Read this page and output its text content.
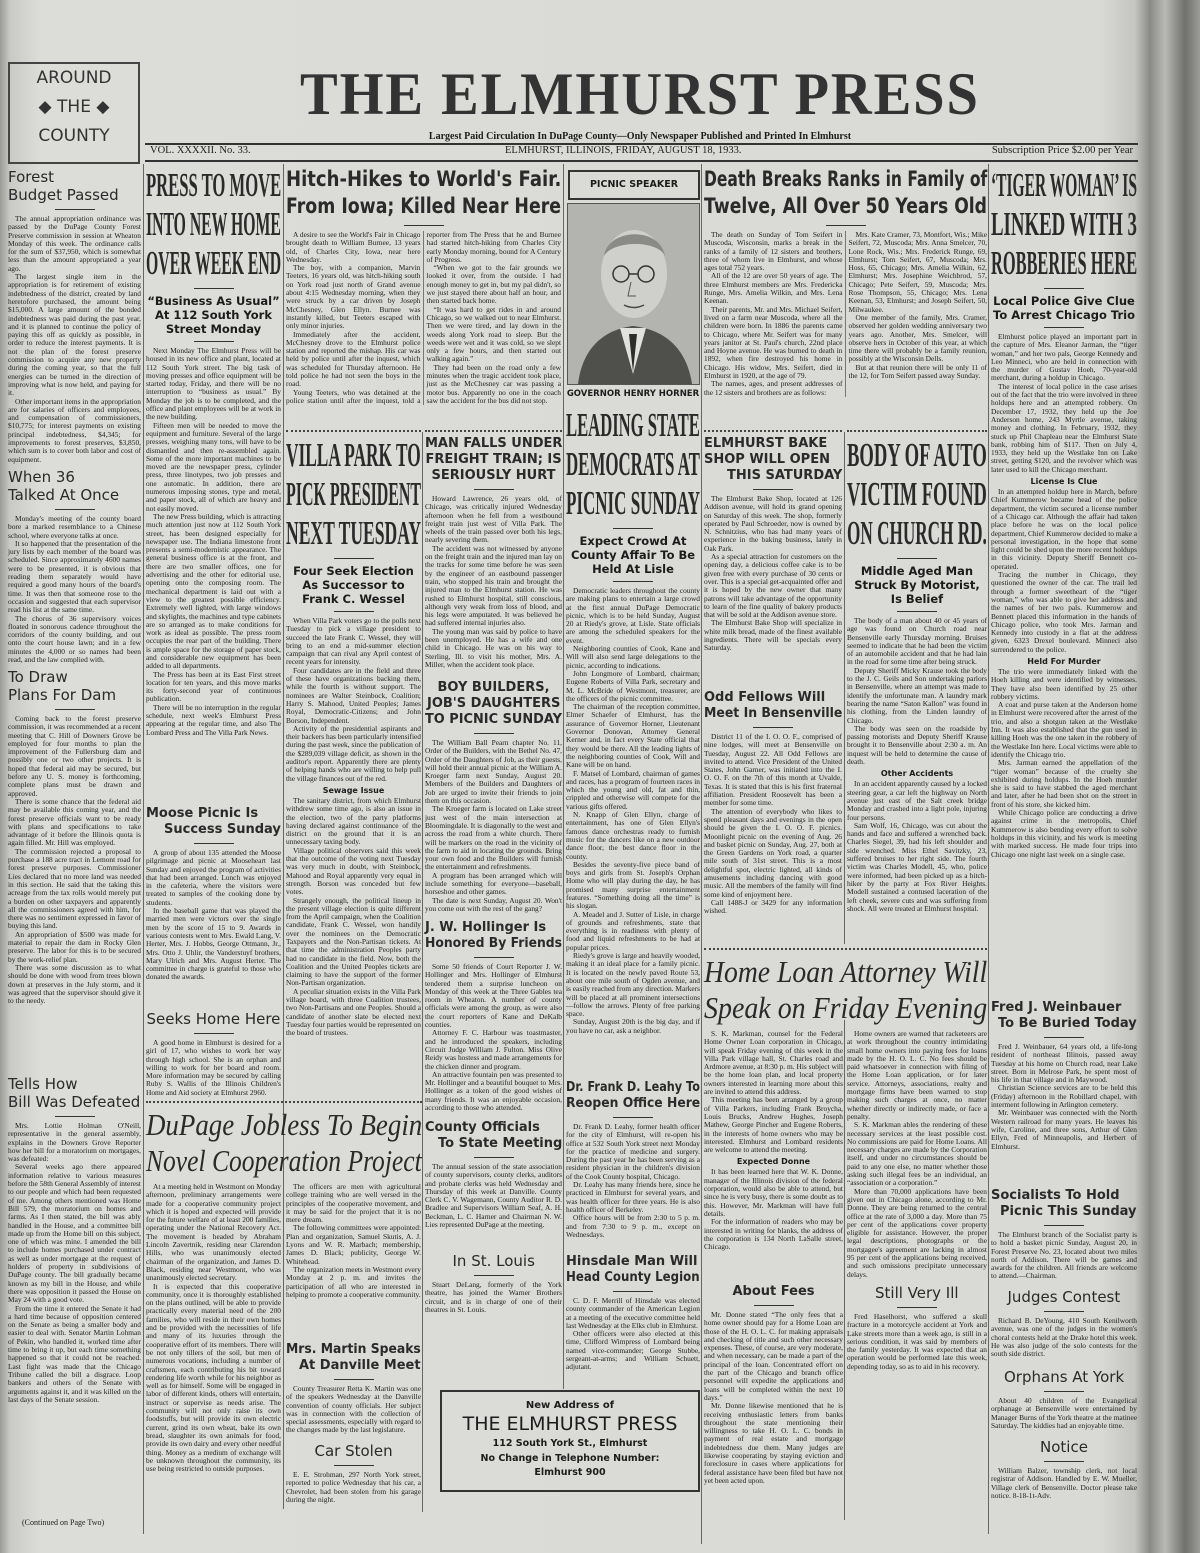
AROUND
◆ THE ◆
COUNTY
THE ELMHURST PRESS
Largest Paid Circulation In DuPage County—Only Newspaper Published and Printed In Elmhurst
VOL. XXXXII. No. 33.	ELMHURST, ILLINOIS, FRIDAY, AUGUST 18, 1933.	Subscription Price $2.00 per Year
Forest
Budget Passed

The annual appropriation ordinance was passed by the DuPage County Forest Preserve commission in session at Wheaton Monday of this week. The ordinance calls for the sum of $37,950, which is somewhat less than the amount appropriated a year ago.

The largest single item in the appropriation is for retirement of existing indebtedness of the district, created by land heretofore purchased, the amount being $15,000. A large amount of the bonded indebtedness was paid during the past year, and it is planned to continue the policy of paying this off as quickly as possible, in order to reduce the interest payments. It is not the plan of the forest preserve commission to acquire any new property during the coming year, so that the full energies can be turned in the direction of improving what is now held, and paying for it.

Other important items in the appropriation are for salaries of officers and employees, and compensation of commissioners, $10,775; for interest payments on existing principal indebtedness, $4,345; for improvements to forest preserves, $3,850, which sum is to cover both labor and cost of equipment.

When 36
Talked At Once

Monday's meeting of the county board bore a marked resemblance to a Chinese school, where everyone talks at once.

It so happened that the presentation of the jury lists by each member of the board was scheduled. Since approximately 4600 names were to be presented, it is obvious that reading them separately would have required a good many hours of the board's time. It was then that someone rose to the occasion and suggested that each supervisor read his list at the same time.

The chorus of 36 supervisory voices floated in sonorous cadence throughout the corridors of the county building, and out onto the court house lawn; and in a few minutes the 4,000 or so names had been read, and the law complied with.

To Draw
Plans For Dam

Coming back to the forest preserve commission, it was recommended at a recent meeting that C. Hill of Downers Grove be employed for four months to plan the improvement of the Fullersburg dam and possibly one or two other projects. It is hoped that federal aid may be secured, but before any U. S. money is forthcoming, complete plans must be drawn and approved.

There is some chance that the federal aid may be available this coming year, and the forest preserve officials want to be ready with plans and specifications to take advantage of it before the Illinois quota is again filled. Mr. Hill was employed.

The commission rejected a proposal to purchase a 188 acre tract in Lemont road for forest preserve purposes. Commissioner Lies declared that no more land was needed in this section. He said that the taking this acreage from the tax rolls would merely put a burden on other taxpayers and apparently all the commissioners agreed with him, for there was no sentiment expressed in favor of buying this land.

An appropriation of $500 was made for material to repair the dam in Rocky Glen preserve. The labor for this is to be secured by the work-relief plan.

There was some discussion as to what should be done with wood from trees blown down at preserves in the July storm, and it was agreed that the supervisor should give it to the needy.

Tells How
Bill Was Defeated

Mrs. Lottie Holman O'Neill, representative in the general assembly, explains in the Downers Grove Reporter how her bill for a moratorium on mortgages, was defeated:

Several weeks ago there appeared information relative to various measures before the 58th General Assembly of interest to our people and which had been requested of me. Among others mentioned was Home Bill 579, the moratorium on homes and farms. As I then stated, the bill was ably handled in the House, and a committee bill made up from the Home bill on this subject, one of which was mine. I amended the bill to include homes purchased under contract as well as under mortgage at the request of holders of property in subdivisions of DuPage county. The bill gradually became known as my bill in the House, and while there was opposition it passed the House on May 24 with a good vote.

From the time it entered the Senate it had a hard time because of opposition centered on the Senate as being a smaller body and easier to deal with. Senator Martin Lohman of Pekin, who handled it, worked time after time to bring it up, but each time something happened so that it could not be reached. Last fight was made that the Chicago Tribune called the bill a disgrace. Loop bankers and others of the Senate with arguments against it, and it was killed on the last days of the Senate session.

(Continued on Page Two)
PRESS TO MOVE
INTO NEW HOME
OVER WEEK END
“Business As Usual” At 112 South York Street Monday

Next Monday The Elmhurst Press will be housed in its new office and plant, located at 112 South York street. The big task of moving presses and office equipment will be started today, Friday, and there will be no interruption to “business as usual.” By Monday the job is to be completed, and the office and plant employees will be at work in the new building.

Fifteen men will be needed to move the equipment and furniture. Several of the large presses, weighing many tons, will have to be dismantled and then re-assembled again. Some of the more important machines to be moved are the newspaper press, cylinder press, three linotypes, two job presses and one automatic. In addition, there are numerous imposing stones, type and metal, and paper stock, all of which are heavy and not easily moved.

The new Press building, which is attracting much attention just now at 112 South York street, has been designed especially for newspaper use. The Indiana limestone front presents a semi-modernistic appearance. The general business office is at the front, and there are two smaller offices, one for advertising and the other for editorial use, opening onto the composing room. The mechanical department is laid out with a view to the greatest possible efficiency. Extremely well lighted, with large windows and skylights, the machines and type cabinets are so arranged as to make conditions for work as ideal as possible. The press room occupies the rear part of the building. There is ample space for the storage of paper stock, and considerable new equipment has been added to all departments.

The Press has been at its East First street location for ten years, and this move marks its forty-second year of continuous publication.

There will be no interruption in the regular schedule, next week's Elmhurst Press appearing at the regular time, and also The Lombard Press and The Villa Park News.

Moose Picnic Is
Success Sunday

A group of about 135 attended the Moose pilgrimage and picnic at Mooseheart last Sunday and enjoyed the program of activities that had been arranged. Lunch was enjoyed in the cafeteria, where the visitors were treated to samples of the cooking done by students.

In the baseball game that was played the married men were victors over the single men by the score of 15 to 9. Awards in various contests went to Mrs. Ewald Lang, V. Herter, Mrs. J. Hobbs, George Ottmann, Jr., Mrs. Otto J. Uhlir, the Vanderstuyf brothers, Mary Ulrich and Mrs. August Herter. The committee in charge is grateful to those who donated the awards.

Seeks Home Here

A good home in Elmhurst is desired for a girl of 17, who wishes to work her way through high school. She is an orphan and willing to work for her board and room. More information may be secured by calling Ruby S. Wallis of the Illinois Children's Home and Aid society at Elmhurst 2960.

Hitch-Hikes to World's Fair.
From Iowa; Killed Near Here

A desire to see the World's Fair in Chicago brought death to William Burnee, 13 years old, of Charles City, Iowa, near here Wednesday.

The boy, with a companion, Marvin Teeters, 16 years old, was hitch-hiking south on York road just north of Grand avenue about 4:15 Wednesday morning, when they were struck by a car driven by Joseph McChesney, Glen Ellyn. Burnee was instantly killed, but Teeters escaped with only minor injuries.

Immediately after the accident, McChesney drove to the Elmhurst police station and reported the mishap. His car was held by police until after the inquest, which was scheduled for Thursday afternoon. He told police he had not seen the boys in the road.

Young Teeters, who was detained at the police station until after the inquest, told a reporter from The Press that he and Burnee had started hitch-hiking from Charles City early Monday morning, bound for A Century of Progress.

“When we got to the fair grounds we looked it over, from the outside. I had enough money to get in, but my pal didn't, so we just stayed there about half an hour, and then started back home.

“It was hard to get rides in and around Chicago, so we walked out to near Elmhurst. Then we were tired, and lay down in the weeds along York road to sleep. But the weeds were wet and it was cold, so we slept only a few hours, and then started out walking again.”

They had been on the road only a few minutes when the tragic accident took place, just as the McChesney car was passing a motor bus. Apparently no one in the coach saw the accident for the bus did not stop.

VILLA PARK TO
PICK PRESIDENT
NEXT TUESDAY
Four Seek Election As Successor to Frank C. Wessel

When Villa Park voters go to the polls next Tuesday to pick a village president to succeed the late Frank C. Wessel, they will bring to an end a mid-summer election campaign that can rival any April contest of recent years for intensity.

Four candidates are in the field and three of these have organizations backing them, while the fourth is without support. The nominees are Walter Steinbock, Coalition; Harry S. Mahood, United Peoples; James Royal, Democratic-Citizens; and John Borson, Independent.

Activity of the presidential aspirants and their backers has been particularly intensified during the past week, since the publication of the $289,039 village deficit, as shown in the auditor's report. Apparently there are plenty of helping hands who are willing to help pull the village finances out of the red.

Sewage Issue

The sanitary district, from which Elmhurst withdrew some time ago, is also an issue in the election, two of the party platforms having declared against continuance of the district on the ground that it is an unnecessary taxing body.

Village political observers said this week that the outcome of the voting next Tuesday was very much in doubt, with Steinbock, Mahood and Royal apparently very equal in strength. Borson was conceded but few votes.

Strangely enough, the political lineup in the present village election is quite different from the April campaign, when the Coalition candidate, Frank C. Wessel, won handily over the nominees on the Democratic Taxpayers and the Non-Partisan tickets. At that time the administration Peoples party had no candidate in the field. Now, both the Coalition and the United Peoples tickets are claiming to have the support of the former Non-Partisan organization.

A peculiar situation exists in the Villa Park village board, with three Coalition trustees, two Non-Partisans and one Peoples. Should a candidate of another slate be elected next Tuesday four parties would be represented on the board of trustees.

MAN FALLS UNDER
FREIGHT TRAIN; IS
SERIOUSLY HURT

Howard Lawrence, 26 years old, of Chicago, was critically injured Wednesday afternoon when he fell from a westbound freight train just west of Villa Park. The wheels of the train passed over both his legs, nearly severing them.

The accident was not witnessed by anyone on the freight train and the injured man lay on the tracks for some time before he was seen by the engineer of an eastbound passenger train, who stopped his train and brought the injured man to the Elmhurst station. He was rushed to Elmhurst hospital, still conscious, although very weak from loss of blood, and his legs were amputated. It was believed he had suffered internal injuries also.

The young man was said by police to have been unemployed. He has a wife and one child in Chicago. He was on his way to Sterling, Ill. to visit his mother, Mrs. A. Miller, when the accident took place.

BOY BUILDERS,
JOB'S DAUGHTERS
TO PICNIC SUNDAY

The William Ball Pearn chapter No. 11, Order of the Builders, with the Bethel No. 47, Order of the Daughters of Job, as their guests, will hold their annual picnic at the William A. Kroeger farm next Sunday, August 20. Members of the Builders and Daughters of Job are urged to invite their friends to join them on this occasion.

The Kroeger farm is located on Lake street just west of the main intersection at Bloomingdale. It is diagonally to the west and across the road from a white church. There will be markers on the road in the vicinity of the farm to aid in locating the grounds. Bring your own food and the Builders will furnish the entertainment and refreshments.

A program has been arranged which will include something for everyone—baseball, horseshoe and other games.

The date is next Sunday, August 20. Won't you come out with the rest of the gang?

J. W. Hollinger Is
Honored By Friends

Some 50 friends of Court Reporter J. W. Hollinger and Mrs. Hollinger of Elmhurst tendered them a surprise luncheon on Monday of this week at the Three Gables tea room in Wheaton. A number of county officials were among the group, as were also the court reporters of Kane and DeKalb counties.

Attorney F. C. Harbour was toastmaster, and he introduced the speakers, including Circuit Judge William J. Fulton. Miss Olive Reidy was hostess and made arrangements for the chicken dinner and program.

An attractive fountain pen was presented to Mr. Hollinger and a beautiful bouquet to Mrs. Hollinger as a token of the good wishes of many friends. It was an enjoyable occasion, according to those who attended.

County Officials
To State Meeting

The annual session of the state association of county supervisors, county clerks, auditors and probate clerks was held Wednesday and Thursday of this week at Danville. County Clerk C. V. Wagemann, County Auditor R. D. Bradlee and Supervisors William Seaf, A. H. Beckman, L. C. Harner and Chairman N. W. Lies represented DuPage at the meeting.

In St. Louis

Stuart DeLang, formerly of the York theatre, has joined the Warner Brothers circuit, and is in charge of one of their theatres in St. Louis.

DuPage Jobless To Begin
Novel Cooperation Project

At a meeting held in Westmont on Monday afternoon, preliminary arrangements were made for a cooperative community project which it is hoped and expected will provide for the future welfare of at least 200 families, operating under the National Recovery Act. The movement is headed by Abraham Lincoln Zavertnik, residing near Clarendon Hills, who was unanimously elected chairman of the organization, and James D. Black, residing near Westmont, who was unanimously elected secretary.

It is expected that this cooperative community, once it is thoroughly established on the plans outlined, will be able to provide practically every material need of the 200 families, who will reside in their own homes and be provided with the necessities of life and many of its luxuries through the cooperative effort of its members. There will be not only tillers of the soil, but men of numerous vocations, including a number of craftsmen, each contributing his bit toward rendering life worth while for his neighbor as well as for himself. Some will be engaged in labor of different kinds, others will entertain, instruct or supervise as needs arise. The community will not only raise its own foodstuffs, but will provide its own electric current, grind its own wheat, bake its own bread, slaughter its own animals for food, provide its own dairy and every other needful thing. Money as a medium of exchange will be unknown throughout the community, its use being restricted to outside purposes.

The officers are men with agricultural college training who are well versed in the principles of the cooperative movement, and it may be said for the project that it is no mere dream.

The following committees were appointed: Plan and organization, Samuel Skutis, A. J. Lyons and W. R. Marbach; membership, James D. Black; publicity, George W. Whitehead.

The organization meets in Westmont every Monday at 2 p. m. and invites the participation of all who are interested in helping to promote a cooperative community.

Mrs. Martin Speaks
At Danville Meet

County Treasurer Retta K. Martin was one of the speakers Wednesday at the Danville convention of county officials. Her subject was in connection with the collection of special assessments, especially with regard to the changes made by the last legislature.

Car Stolen

E. E. Strohman, 297 North York street, reported to police Wednesday that his car, a Chevrolet, had been stolen from his garage during the night.

PICNIC SPEAKER
GOVERNOR HENRY HORNER
LEADING STATE
DEMOCRATS AT
PICNIC SUNDAY
Expect Crowd At County Affair To Be Held At Lisle

Democratic leaders throughout the county are making plans to entertain a large crowd at the first annual DuPage Democratic picnic, which is to be held Sunday, August 20 at Riedy's grove, at Lisle. State officials are among the scheduled speakers for the event.

Neighboring counties of Cook, Kane and Will will also send large delegations to the picnic, according to indications.

John Longmore of Lombard, chairman; Eugene Roberts of Villa Park, secretary and M. L. McBride of Westmont, treasurer, are the officers of the picnic committee.

The chairman of the reception committee, Elmer Schaefer of Elmhurst, has the assurance of Governor Horner, Lieutenant Governor Donovan, Attorney General Kerner and, in fact every State official that they would be there. All the leading lights of the neighboring counties of Cook, Will and Kane will be on hand.

F. Matsel of Lombard, chairman of games and races, has a program of fourteen races in which the young and old, fat and thin, crippled and otherwise will compete for the various gifts offered.

N. Knapp of Glen Ellyn, charge of entertainment, has one of Glen Ellyn's famous dance orchestras ready to furnish music for the dancers like on a new outdoor dance floor, the best dance floor in the county.

Besides the seventy-five piece band of boys and girls from St. Joseph's Orphan Home who will play during the day, he has promised many surprise entertainment features. “Something doing all the time” is his slogan.

A. Meadel and J. Sutter of Lisle, in charge of grounds and refreshments, state that everything is in readiness with plenty of food and liquid refreshments to be had at popular prices.

Riedy's grove is large and heavily wooded, making it an ideal place for a family picnic. It is located on the newly paved Route 53, about one mile south of Ogden avenue, and is easily reached from any direction. Markers will be placed at all prominent intersections—follow the arrows. Plenty of free parking space.

Sunday, August 20th is the big day, and if you have no car, ask a neighbor.

Dr. Frank D. Leahy To
Reopen Office Here

Dr. Frank D. Leahy, former health officer for the city of Elmhurst, will re-open his office at 532 South York street next Monday for the practice of medicine and surgery. During the past year he has been serving as a resident physician in the children's division of the Cook County hospital, Chicago.

Dr. Leahy has many friends here, since he practiced in Elmhurst for several years, and was health officer for three years. He is also health officer of Berkeley.

Office hours will be from 2:30 to 5 p. m. and from 7:30 to 9 p. m., except on Wednesdays.

Hinsdale Man Will
Head County Legion

C. D. F. Merrill of Hinsdale was elected county commander of the American Legion at a meeting of the executive committee held last Wednesday at the Elks club in Elmhurst.

Other officers were also elected at this time, Clifford Wimpress of Lombard being named vice-commander; George Stubbe, sergeant-at-arms; and William Schuett, adjutant.

New Address of
THE ELMHURST PRESS
112 South York St., Elmhurst
No Change in Telephone Number:
Elmhurst 900
Death Breaks Ranks in Family of
Twelve, All Over 50 Years Old

The death on Sunday of Tom Seifert in Muscoda, Wisconsin, marks a break in the ranks of a family of 12 sisters and brothers, three of whom live in Elmhurst, and whose ages total 752 years.

All of the 12 are over 50 years of age. The three Elmhurst members are Mrs. Fredericka Runge, Mrs. Amelia Wilkin, and Mrs. Lena Keenan.

Their parents, Mr. and Mrs. Michael Seifert, lived on a farm near Muscoda, where all the children were born. In 1886 the parents came to Chicago, where Mr. Seifert was for many years janitor at St. Paul's church, 22nd place and Hoyne avenue. He was burned to death in 1892, when fire destroyed his home in Chicago. His widow, Mrs. Seifert, died in Elmhurst in 1920, at the age of 79.

The names, ages, and present addresses of the 12 sisters and brothers are as follows:

Mrs. Kate Cramer, 73, Montfort, Wis.; Mike Seifert, 72, Muscoda; Mrs. Anna Smelcer, 70, Lone Rock, Wis.; Mrs. Frederick Runge, 69, Elmhurst; Tom Seifert, 67, Muscoda; Mrs. Hoss, 65, Chicago; Mrs. Amelia Wilkin, 62, Elmhurst; Mrs. Josephine Weichbrod, 57, Chicago; Pete Seifert, 59, Muscoda; Mrs. Rose Thompson, 55, Chicago; Mrs. Lena Keenan, 53, Elmhurst; and Joseph Seifert, 50, Milwaukee.

One member of the family, Mrs. Cramer, observed her golden wedding anniversary two years ago. Another, Mrs. Smelcer, will observe hers in October of this year, at which time there will probably be a family reunion, possibly at the Wisconsin Dells.

But at that reunion there will be only 11 of the 12, for Tom Seifert passed away Sunday.

ELMHURST BAKE
SHOP WILL OPEN
THIS SATURDAY

The Elmhurst Bake Shop, located at 126 Addison avenue, will hold its grand opening on Saturday of this week. The shop, formerly operated by Paul Schroeder, now is owned by N. Schnitzius, who has had many years of experience in the baking business, lately in Oak Park.

As a special attraction for customers on the opening day, a delicious coffee cake is to be given free with every purchase of 30 cents or over. This is a special get-acquainted offer and it is hoped by the new owner that many patrons will take advantage of the opportunity to learn of the fine quality of bakery products that will be sold at the Addison avenue store.

The Elmhurst Bake Shop will specialize in white milk bread, made of the finest available ingredients. There will be specials every Saturday.

Odd Fellows Will
Meet In Bensenville

District 11 of the I. O. O. F., comprised of nine lodges, will meet at Bensenville on Tuesday, August 22. All Odd Fellows are invited to attend. Vice President of the United States, John Garner, was initiated into the I. O. O. F. on the 7th of this month at Uvalde, Texas. It is stated that this is his first fraternal affiliation. President Roosevelt has been a member for some time.

The attention of everybody who likes to spend pleasant days and evenings in the open should be given the I. O. O. F. picnics. Moonlight picnic on the evening of Aug. 26 and basket picnic on Sunday, Aug. 27, both at the Green Gardens on York road, a quarter mile south of 31st street. This is a most delightful spot, electric lighted, all kinds of amusements including dancing with good music. All the members of the family will find some kind of enjoyment here.

Call 1488-J or 3429 for any information wished.

BODY OF AUTO
VICTIM FOUND
ON CHURCH RD.
Middle Aged Man Struck By Motorist, Is Belief

The body of a man about 40 or 45 years of age was found on Church road near Bensenville early Thursday morning. Bruises seemed to indicate that he had been the victim of an automobile accident and that he had lain in the road for some time after being struck.

Deputy Sheriff Micky Krause took the body to the J. C. Geils and Son undertaking parlors in Bensenville, where an attempt was made to identify the unfortunate man. A laundry mark bearing the name “Saton Kallon” was found in his clothing, from the Linden laundry of Chicago.

The body was seen on the roadside by passing motorists and Deputy Sheriff Krause brought it to Bensenville about 2:30 a. m. An inquest will be held to determine the cause of death.

Other Accidents

In an accident apparently caused by a locked steering gear, a car left the highway on North avenue just east of the Salt creek bridge Monday and crashed into a light pole, injuring four persons.

Sam Wolf, 16, Chicago, was cut about the hands and face and suffered a wrenched back. Charles Siegel, 39, had his left shoulder and side wrenched. Miss Ethel Savitzky, 23, suffered bruises to her right side. The fourth victim was Charles Modell, 45, who, police were informed, had been picked up as a hitch-hiker by the party at Fox River Heights. Modell sustained a contused laceration of the left cheek, severe cuts and was suffering from shock. All were treated at Elmhurst hospital.

Home Loan Attorney Will
Speak on Friday Evening

S. K. Markman, counsel for the Federal Home Owner Loan corporation in Chicago, will speak Friday evening of this week in the Villa Park village hall, St. Charles road and Ardmore avenue, at 8:30 p. m. His subject will be the home loan plan, and local property owners interested in learning more about this are invited to attend this address.

This meeting has been arranged by a group of Villa Parkers, including Frank Broycha, Louis Brucks, Andrew Hughes, Joseph Mathew, George Pincher and Eugene Roberts, in the interests of home owners who may be interested. Elmhurst and Lombard residents are welcome to attend the meeting.

Expected Donne

It has been learned here that W. K. Donne, manager of the Illinois division of the federal corporation, would also be able to attend, but since he is very busy, there is some doubt as to this. However, Mr. Markman will have full details.

For the information of readers who may be interested in writing for blanks, the address of the corporation is 134 North LaSalle street, Chicago.

About Fees

Mr. Donne stated “The only fees that a home owner should pay for a Home Loan are those of the H. O. L. C. for making appraisals and checking of title and such other necessary expenses. These, of course, are very moderate, and when necessary, can be made a part of the principal of the loan. Concentrated effort on the part of the Chicago and branch office personnel will expedite the applications and loans will be completed within the next 10 days.”

Mr. Donne likewise mentioned that he is receiving enthusiastic letters from banks throughout the state mentioning their willingness to take H. O. L. C. bonds in payment of real estate and mortgage indebtedness due them. Many judges are likewise cooperating by staying eviction and foreclosure in cases where applications for federal assistance have been filed but have not yet been acted upon.

Home owners are warned that racketeers are at work throughout the country intimidating small home owners into paying fees for loans made by the H. O. L. C. No fees should be paid whatsoever in connection with filing of the Home Loan application, or for later service. Attorneys, associations, realty and mortgage firms have been warned to stop making such charges at once, no matter whether directly or indirectly made, or face a penalty.

S. K. Markman ables the rendering of these necessary services at the least possible cost. No commissions are paid for Home Loans. All necessary charges are made by the Corporation itself, and under no circumstances should be paid to any one else, no matter whether those asking such illegal fees be an individual, an “association or a corporation.”

More than 70,000 applications have been given out in Chicago alone, according to Mr. Donne. They are being returned to the central office at the rate of 3,000 a day. More than 75 per cent of the applications cover property eligible for assistance. However, the proper legal descriptions, photographs or the mortgagee's agreement are lacking in almost 95 per cent of the applications being received, and such omissions precipitate unnecessary delays.

Still Very Ill

Fred Haselhorst, who suffered a skull fracture in a motorcycle accident at York and Lake streets more than a week ago, is still in a serious condition, it was said by members of the family yesterday. It was expected that an operation would be performed late this week, depending today, so as to aid in his recovery.

‘TIGER WOMAN’ IS
LINKED WITH 3
ROBBERIES HERE
Local Police Give Clue To Arrest Chicago Trio

Elmhurst police played an important part in the capture of Mrs. Eleanor Jarman, the “tiger woman,” and her two pals, George Kennedy and Leo Minneci, who are held in connection with the murder of Gustav Hoeh, 70-year-old merchant, during a holdup in Chicago.

The interest of local police in the case arises out of the fact that the trio were involved in three holdups here and an attempted robbery. On December 17, 1932, they held up the Joe Anderson home, 243 Myrtle avenue, taking money and clothing. In February, 1932, they stuck up Phil Chapleau near the Elmhurst State bank, robbing him of $117. Then on July 4, 1933, they held up the Westlake Inn on Lake street, getting $120, and the revolver which was later used to kill the Chicago merchant.

License Is Clue

In an attempted holdup here in March, before Chief Kummerow became head of the police department, the victim secured a license number of a Chicago car. Although the affair had taken place before he was on the local police department, Chief Kummerow decided to make a personal investigation, in the hope that some light could be shed upon the more recent holdups in this vicinity. Deputy Sheriff Bennett co-operated.

Tracing the number in Chicago, they questioned the owner of the car. The trail led through a former sweetheart of the “tiger woman,” who was able to give her address and the names of her two pals. Kummerow and Bennett placed this information in the hands of Chicago police, who took Mrs. Jarman and Kennedy into custody in a flat at the address given, 6323 Drexel boulevard. Minneci also surrendered to the police.

Held For Murder

The trio were immediately linked with the Hoeh killing and were identified by witnesses. They have also been identified by 25 other robbery victims.

A coat and purse taken at the Anderson home in Elmhurst were recovered after the arrest of the trio, and also a shotgun taken at the Westlake Inn. It was also established that the gun used in killing Hoeh was the one taken in the robbery of the Westlake Inn here. Local victims were able to identify the Chicago trio.

Mrs. Jarman earned the appellation of the “tiger woman” because of the cruelty she exhibited during holdups. In the Hoeh murder she is said to have stabbed the aged merchant and later, after he had been shot on the street in front of his store, she kicked him.

While Chicago police are conducting a drive against crime in the metropolis, Chief Kummerow is also bending every effort to solve holdups in this vicinity, and his work is meeting with marked success. He made four trips into Chicago one night last week on a single case.

Fred J. Weinbauer
To Be Buried Today

Fred J. Weinbauer, 64 years old, a life-long resident of northeast Illinois, passed away Tuesday at his home on Church road, near Lake street. Born in Melrose Park, he spent most of his life in that village and in Maywood.

Christian Science services are to be held this (Friday) afternoon in the Robillard chapel, with interment following in Arlington cemetery.

Mr. Weinbauer was connected with the North Western railroad for many years. He leaves his wife, Caroline, and three sons, Arthur of Glen Ellyn, Fred of Minneapolis, and Herbert of Elmhurst.

Socialists To Hold
Picnic This Sunday

The Elmhurst branch of the Socialist party is to hold a basket picnic Sunday, August 20, in Forest Preserve No. 23, located about two miles north of Addison. There will be games and awards for the children. All friends are welcome to attend.—Chairman.

Judges Contest

Richard B. DeYoung, 410 South Kenilworth avenue, was one of the judges in the women's choral contests held at the Drake hotel this week. He was also judge of the solo contests for the south side district.

Orphans At York

About 40 children of the Evangelical orphanage at Bensenville were entertained by Manager Burns of the York theatre at the matinee Saturday. The kiddies had an enjoyable time.

Notice

William Balzer, township clerk, not local registrar of Addison. Handled by E. W. Mueller, Village clerk of Bensenville. Doctor please take notice. 8-18-1t-Adv.
